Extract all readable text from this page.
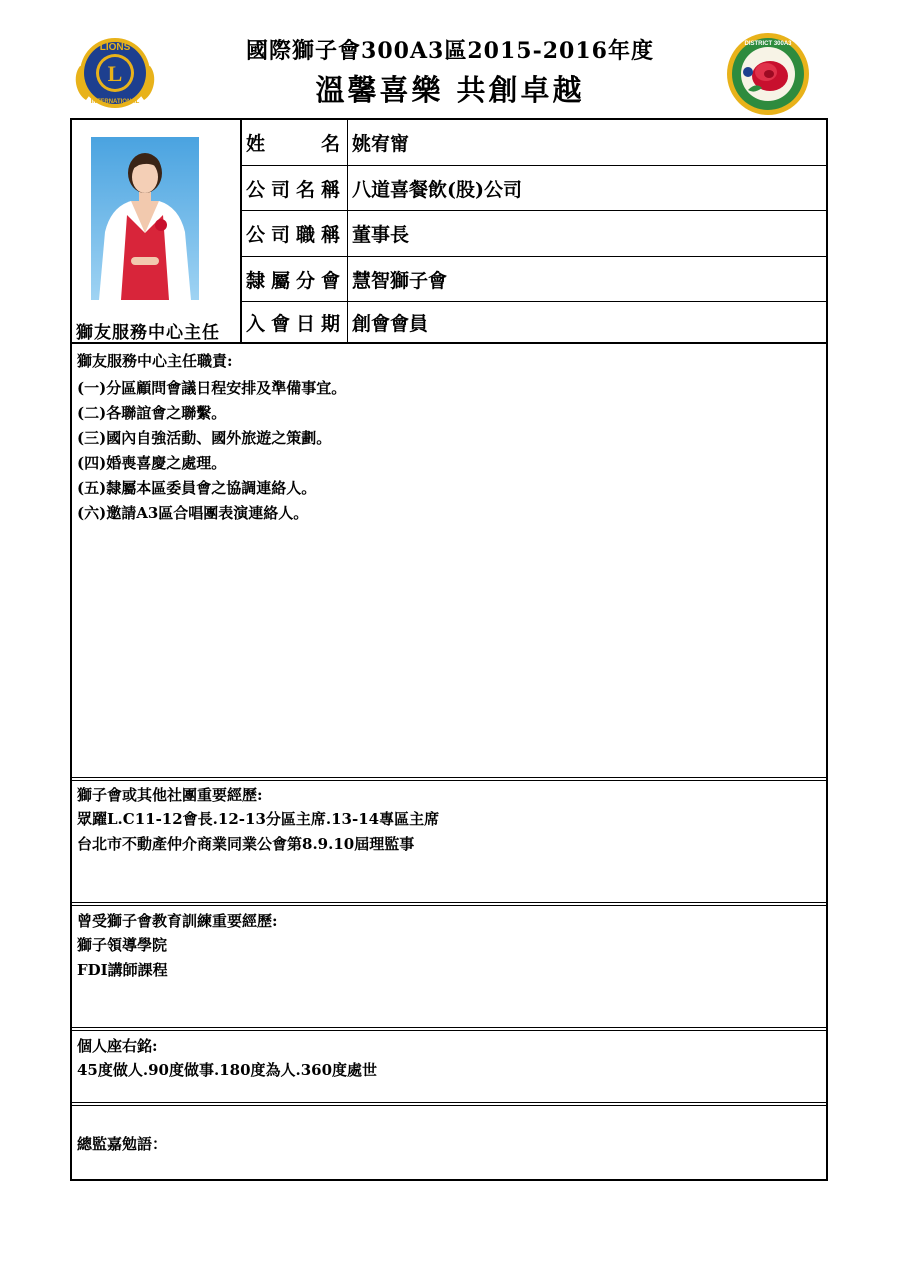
L
LIONS
INTERNATIONAL
國際獅子會300A3區2015-2016年度
溫馨喜樂 共創卓越
DISTRICT 300A3
獅友服務中心主任
姓　　名 姚宥甯
公司名稱 八道喜餐飲(股)公司
公司職稱 董事長
隸屬分會 慧智獅子會
入會日期 創會會員
獅友服務中心主任職責:
(一)分區顧問會議日程安排及準備事宜。
(二)各聯誼會之聯繫。
(三)國內自強活動、國外旅遊之策劃。
(四)婚喪喜慶之處理。
(五)隸屬本區委員會之協調連絡人。
(六)邀請A3區合唱團表演連絡人。
獅子會或其他社團重要經歷:
眾躍L.C11-12會長.12-13分區主席.13-14專區主席
台北市不動產仲介商業同業公會第8.9.10屆理監事
曾受獅子會教育訓練重要經歷:
獅子領導學院
FDI講師課程
個人座右銘:
45度做人.90度做事.180度為人.360度處世
總監嘉勉語：
